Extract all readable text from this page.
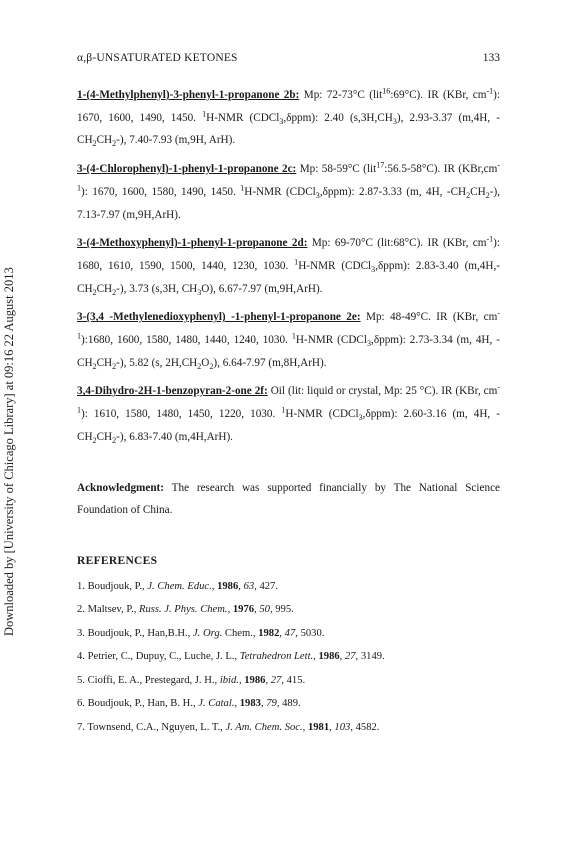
Downloaded by [University of Chicago Library] at 09:16 22 August 2013
α,β-UNSATURATED KETONES	133

1-(4-Methylphenyl)-3-phenyl-1-propanone 2b: Mp: 72-73°C (lit$^{16}$:69°C). IR (KBr, $cm^{-1}$): 1670, 1600, 1490, 1450. $^1$H-NMR (CDCl$_3$,δppm): 2.40 $(s,3H,CH_3)$, 2.93-3.37 (m,4H, $-CH_2CH_2-$), 7.40-7.93 (m,9H, ArH).

3-(4-Chlorophenyl)-1-phenyl-1-propanone 2c: Mp: 58-59°C (lit$^{17}$:56.5-58°C). IR $(KBr,cm^{-1})$: 1670, 1600, 1580, 1490, 1450. $^1$H-NMR (CDCl$_3$,δppm): 2.87-3.33 (m, 4H, $-CH_2CH_2-$), 7.13-7.97 (m,9H,ArH).

3-(4-Methoxyphenyl)-1-phenyl-1-propanone 2d: Mp: 69-70°C (lit:68°C). IR (KBr, $cm^{-1}$): 1680, 1610, 1590, 1500, 1440, 1230, 1030. $^1$H-NMR (CDCl$_3$,δppm): 2.83-3.40 $(m,4H,-CH_2CH_2-)$, 3.73 (s,3H, $CH_3O$), 6.67-7.97 (m,9H,ArH).

3-(3,4 -Methylenedioxyphenyl) -1-phenyl-1-propanone 2e: Mp: 48-49°C. IR (KBr, $cm^{-1}):1680$, 1600, 1580, 1480, 1440, 1240, 1030. $^1$H-NMR (CDCl$_3$,δppm): 2.73-3.34 (m, 4H, $-CH_2CH_2-$), 5.82 (s, $2H,CH_2O_2$), 6.64-7.97 (m,8H,ArH).

3,4-Dihydro-2H-1-benzopyran-2-one 2f: Oil (lit: liquid or crystal, Mp: 25 °C). IR (KBr, $cm^{-1}$): 1610, 1580, 1480, 1450, 1220, 1030. $^1$H-NMR (CDCl$_3$,δppm): 2.60-3.16 (m, 4H, $-CH_2CH_2-$), 6.83-7.40 (m,4H,ArH).

Acknowledgment: The research was supported financially by The National Science Foundation of China.

REFERENCES
1. Boudjouk, P., J. Chem. Educ., 1986, 63, 427.
2. Maltsev, P., Russ. J. Phys. Chem., 1976, 50, 995.
3. Boudjouk, P., Han,B.H., J. Org. Chem., 1982, 47, 5030.
4. Petrier, C., Dupuy, C., Luche, J. L., Tetrahedron Lett., 1986, 27, 3149.
5. Cioffi, E. A., Prestegard, J. H., ibid., 1986, 27, 415.
6. Boudjouk, P., Han, B. H., J. Catal., 1983, 79, 489.
7. Townsend, C.A., Nguyen, L. T., J. Am. Chem. Soc., 1981, 103, 4582.
